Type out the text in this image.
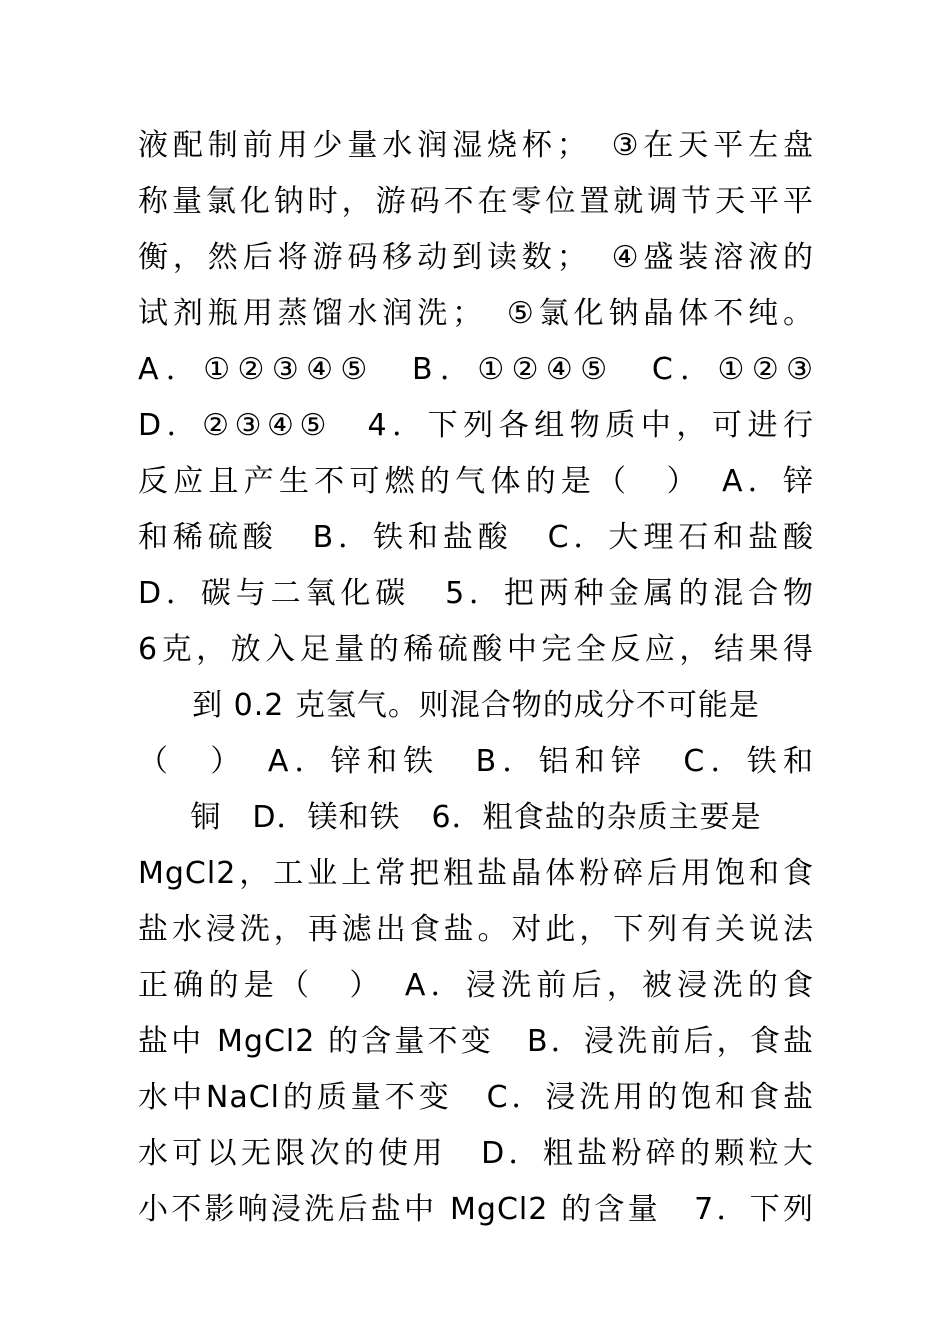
液配制前用少量水润湿烧杯；　③在天平左盘
称量氯化钠时，游码不在零位置就调节天平平
衡，然后将游码移动到读数；　④盛装溶液的
试剂瓶用蒸馏水润洗；　⑤氯化钠晶体不纯。
A．①②③④⑤　B．①②④⑤　C．①②③
D．②③④⑤　4．下列各组物质中，可进行
反应且产生不可燃的气体的是（　）　A．锌
和稀硫酸　B．铁和盐酸　C．大理石和盐酸
D．碳与二氧化碳　5．把两种金属的混合物
6克，放入足量的稀硫酸中完全反应，结果得
到 0.2 克氢气。则混合物的成分不可能是
（　）　A．锌和铁　B．铝和锌　C．铁和
铜　D．镁和铁　6．粗食盐的杂质主要是
MgCl2，工业上常把粗盐晶体粉碎后用饱和食
盐水浸洗，再滤出食盐。对此，下列有关说法
正确的是（　）　A．浸洗前后，被浸洗的食
盐中 MgCl2 的含量不变　B．浸洗前后，食盐
水中NaCl的质量不变　C．浸洗用的饱和食盐
水可以无限次的使用　D．粗盐粉碎的颗粒大
小不影响浸洗后盐中 MgCl2 的含量　7．下列
